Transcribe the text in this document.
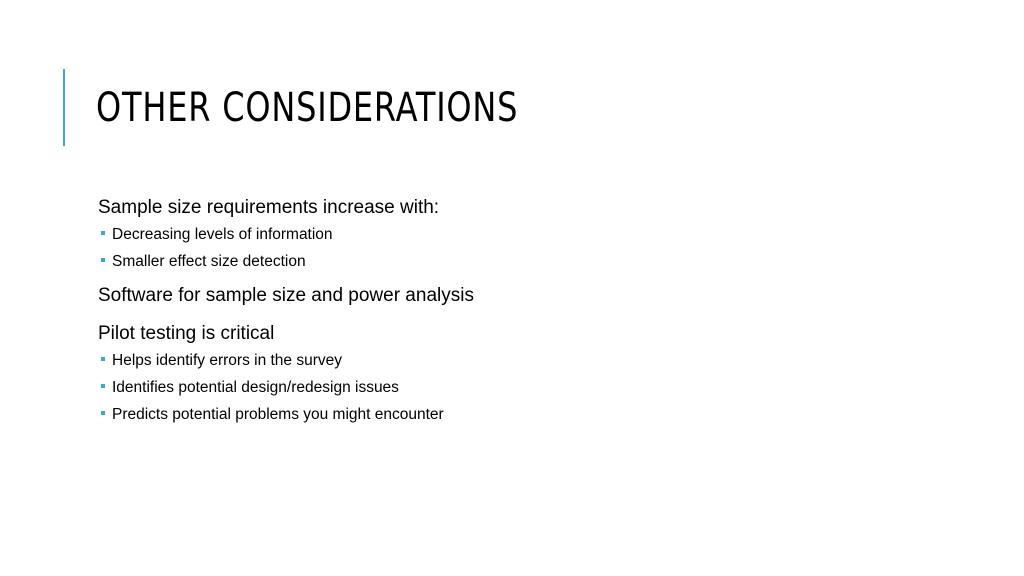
OTHER CONSIDERATIONS
Sample size requirements increase with:
Decreasing levels of information
Smaller effect size detection
Software for sample size and power analysis
Pilot testing is critical
Helps identify errors in the survey
Identifies potential design/redesign issues
Predicts potential problems you might encounter
